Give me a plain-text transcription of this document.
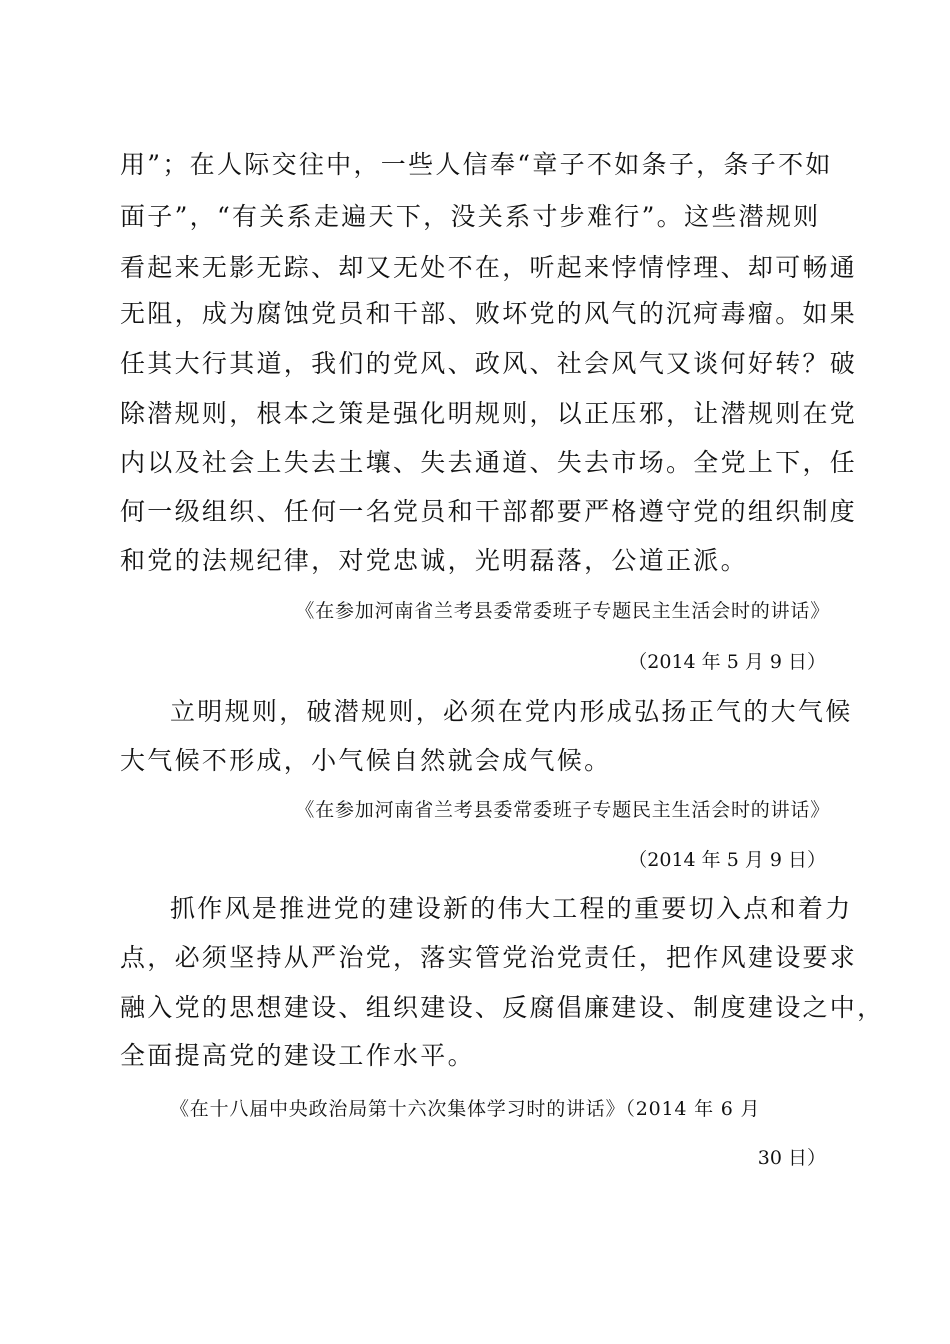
用”；在人际交往中，一些人信奉“章子不如条子，条子不如
面子”，“有关系走遍天下，没关系寸步难行”。这些潜规则
看起来无影无踪、却又无处不在，听起来悖情悖理、却可畅通
无阻，成为腐蚀党员和干部、败坏党的风气的沉疴毒瘤。如果
任其大行其道，我们的党风、政风、社会风气又谈何好转？破
除潜规则，根本之策是强化明规则，以正压邪，让潜规则在党
内以及社会上失去土壤、失去通道、失去市场。全党上下，任
何一级组织、任何一名党员和干部都要严格遵守党的组织制度
和党的法规纪律，对党忠诚，光明磊落，公道正派。
《在参加河南省兰考县委常委班子专题民主生活会时的讲话》
（2014 年 5 月 9 日）
立明规则，破潜规则，必须在党内形成弘扬正气的大气候
大气候不形成，小气候自然就会成气候。
《在参加河南省兰考县委常委班子专题民主生活会时的讲话》
（2014 年 5 月 9 日）
抓作风是推进党的建设新的伟大工程的重要切入点和着力
点，必须坚持从严治党，落实管党治党责任，把作风建设要求
融入党的思想建设、组织建设、反腐倡廉建设、制度建设之中，
全面提高党的建设工作水平。
《在十八届中央政治局第十六次集体学习时的讲话》（2014 年 6 月
30 日）
